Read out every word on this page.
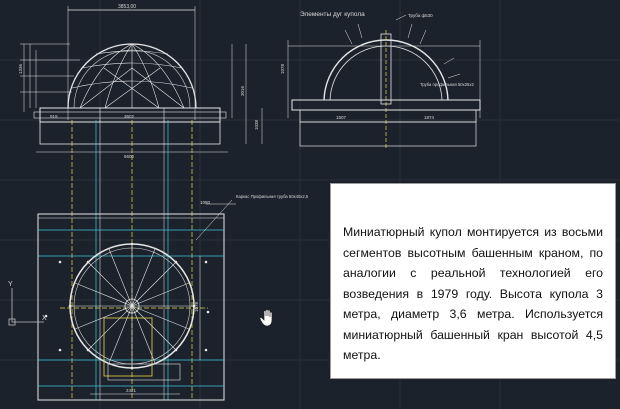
3853,00
919	3602
6600
1336
3016
1038
Элементы дуг купола	Труба ф530
Труба профильная 50х25х2
1507	1874
1078
2421
1080
Каркас Профильная труба 50х40х2,5
1078
Y
X
Миниатюрный купол монтируется из восьми сегментов высотным башенным краном, по аналогии с реальной технологией его возведения в 1979 году. Высота купола 3 метра, диаметр 3,6 метра. Используется миниатюрный башенный кран высотой 4,5 метра.
